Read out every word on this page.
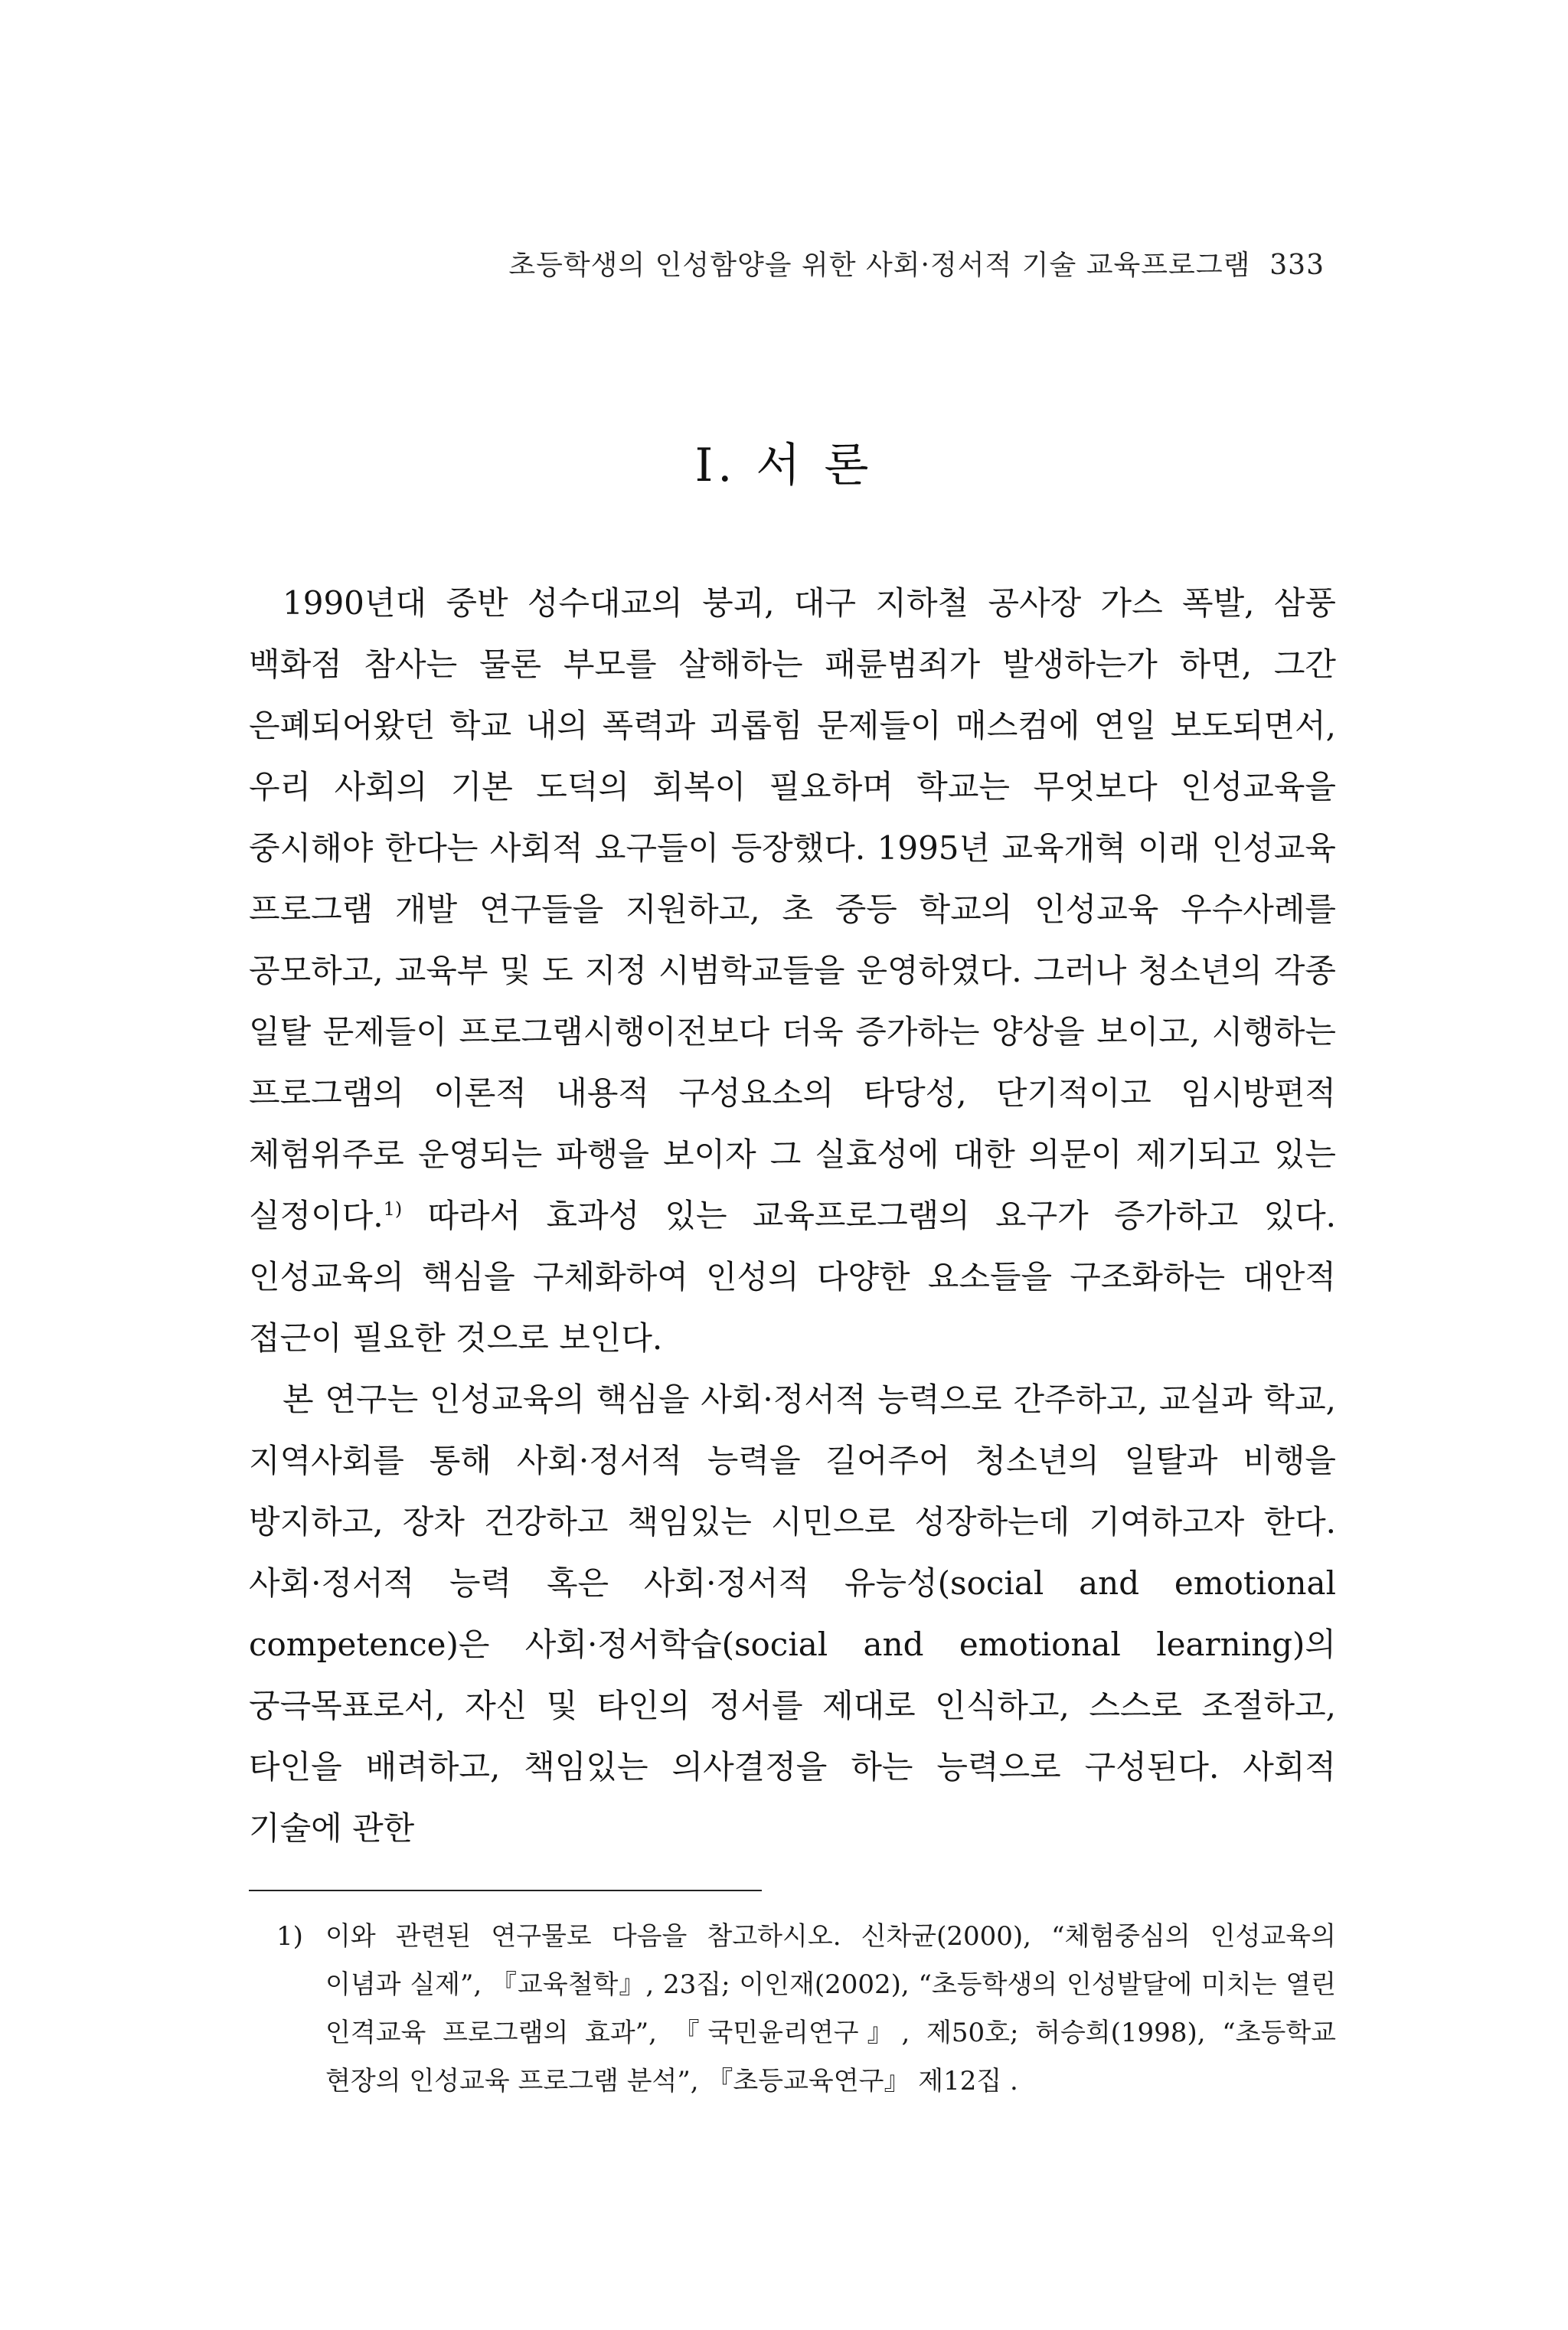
초등학생의 인성함양을 위한 사회·정서적 기술 교육프로그램 333
Ⅰ. 서 론

1990년대 중반 성수대교의 붕괴, 대구 지하철 공사장 가스 폭발, 삼풍 백화점 참사는 물론 부모를 살해하는 패륜범죄가 발생하는가 하면, 그간 은폐되어왔던 학교 내의 폭력과 괴롭힘 문제들이 매스컴에 연일 보도되면서, 우리 사회의 기본 도덕의 회복이 필요하며 학교는 무엇보다 인성교육을 중시해야 한다는 사회적 요구들이 등장했다. 1995년 교육개혁 이래 인성교육 프로그램 개발 연구들을 지원하고, 초 중등 학교의 인성교육 우수사례를 공모하고, 교육부 및 도 지정 시범학교들을 운영하였다. 그러나 청소년의 각종 일탈 문제들이 프로그램시행이전보다 더욱 증가하는 양상을 보이고, 시행하는 프로그램의 이론적 내용적 구성요소의 타당성, 단기적이고 임시방편적 체험위주로 운영되는 파행을 보이자 그 실효성에 대한 의문이 제기되고 있는 실정이다.$^{1)}$ 따라서 효과성 있는 교육프로그램의 요구가 증가하고 있다. 인성교육의 핵심을 구체화하여 인성의 다양한 요소들을 구조화하는 대안적 접근이 필요한 것으로 보인다.

본 연구는 인성교육의 핵심을 사회·정서적 능력으로 간주하고, 교실과 학교, 지역사회를 통해 사회·정서적 능력을 길어주어 청소년의 일탈과 비행을 방지하고, 장차 건강하고 책임있는 시민으로 성장하는데 기여하고자 한다. 사회·정서적 능력 혹은 사회·정서적 유능성(social and emotional competence)은 사회·정서학습(social and emotional learning)의 궁극목표로서, 자신 및 타인의 정서를 제대로 인식하고, 스스로 조절하고, 타인을 배려하고, 책임있는 의사결정을 하는 능력으로 구성된다. 사회적 기술에 관한

1) 이와 관련된 연구물로 다음을 참고하시오. 신차균(2000), “체험중심의 인성교육의 이념과 실제”, 『교육철학』, 23집; 이인재(2002), “초등학생의 인성발달에 미치는 열린 인격교육 프로그램의 효과”, 『국민윤리연구』, 제50호; 허승희(1998), “초등학교 현장의 인성교육 프로그램 분석”, 『초등교육연구』 제12집 .
